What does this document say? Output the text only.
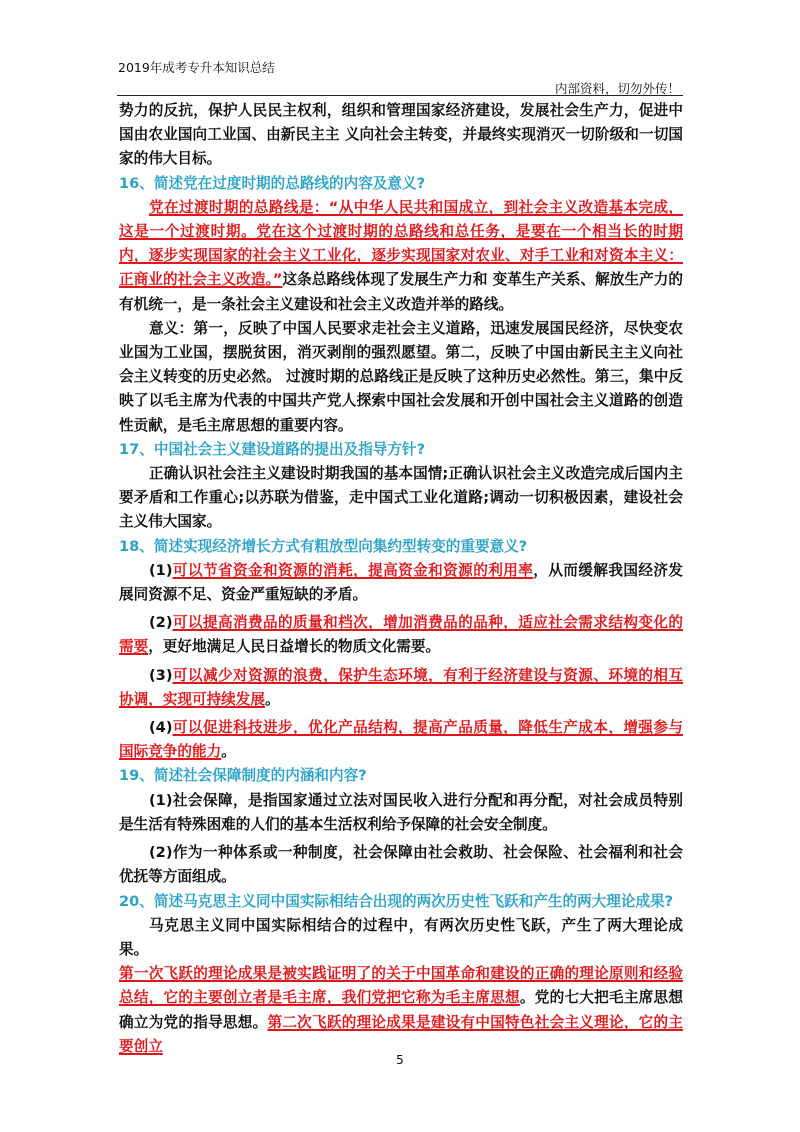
2019年成考专升本知识总结
内部资料，切勿外传！

势力的反抗，保护人民民主权利，组织和管理国家经济建设，发展社会生产力，促进中国由农业国向工业国、由新民主主 义向社会主转变，并最终实现消灭一切阶级和一切国家的伟大目标。

16、简述党在过度时期的总路线的内容及意义?

党在过渡时期的总路线是：“从中华人民共和国成立，到社会主义改造基本完成，这是一个过渡时期。党在这个过渡时期的总路线和总任务，是要在一个相当长的时期内，逐步实现国家的社会主义工业化，逐步实现国家对农业、对手工业和对资本主义：正商业的社会主义改造。”这条总路线体现了发展生产力和 变革生产关系、解放生产力的有机统一，是一条社会主义建设和社会主义改造并举的路线。

意义：第一，反映了中国人民要求走社会主义道路，迅速发展国民经济，尽快变农业国为工业国，摆脱贫困，消灭剥削的强烈愿望。第二，反映了中国由新民主主义向社会主义转变的历史必然。 过渡时期的总路线正是反映了这种历史必然性。第三，集中反映了以毛主席为代表的中国共产党人探索中国社会发展和开创中国社会主义道路的创造性贡献，是毛主席思想的重要内容。

17、中国社会主义建设道路的提出及指导方针?

正确认识社会注主义建设时期我国的基本国情;正确认识社会主义改造完成后国内主要矛盾和工作重心;以苏联为借鉴，走中国式工业化道路;调动一切积极因素，建设社会主义伟大国家。

18、简述实现经济增长方式有粗放型向集约型转变的重要意义?

(1)可以节省资金和资源的消耗，提高资金和资源的利用率，从而缓解我国经济发展同资源不足、资金严重短缺的矛盾。

(2)可以提高消费品的质量和档次，增加消费品的品种，适应社会需求结构变化的需要，更好地满足人民日益增长的物质文化需要。

(3)可以减少对资源的浪费，保护生态环境，有利于经济建设与资源、环境的相互协调，实现可持续发展。

(4)可以促进科技进步，优化产品结构，提高产品质量，降低生产成本，增强参与国际竞争的能力。

19、简述社会保障制度的内涵和内容?

(1)社会保障，是指国家通过立法对国民收入进行分配和再分配，对社会成员特别是生活有特殊困难的人们的基本生活权利给予保障的社会安全制度。

(2)作为一种体系或一种制度，社会保障由社会救助、社会保险、社会福利和社会优抚等方面组成。

20、简述马克思主义同中国实际相结合出现的两次历史性飞跃和产生的两大理论成果?

马克思主义同中国实际相结合的过程中，有两次历史性飞跃，产生了两大理论成果。

第一次飞跃的理论成果是被实践证明了的关于中国革命和建设的正确的理论原则和经验总结，它的主要创立者是毛主席，我们党把它称为毛主席思想。党的七大把毛主席思想确立为党的指导思想。第二次飞跃的理论成果是建设有中国特色社会主义理论，它的主要创立

5
